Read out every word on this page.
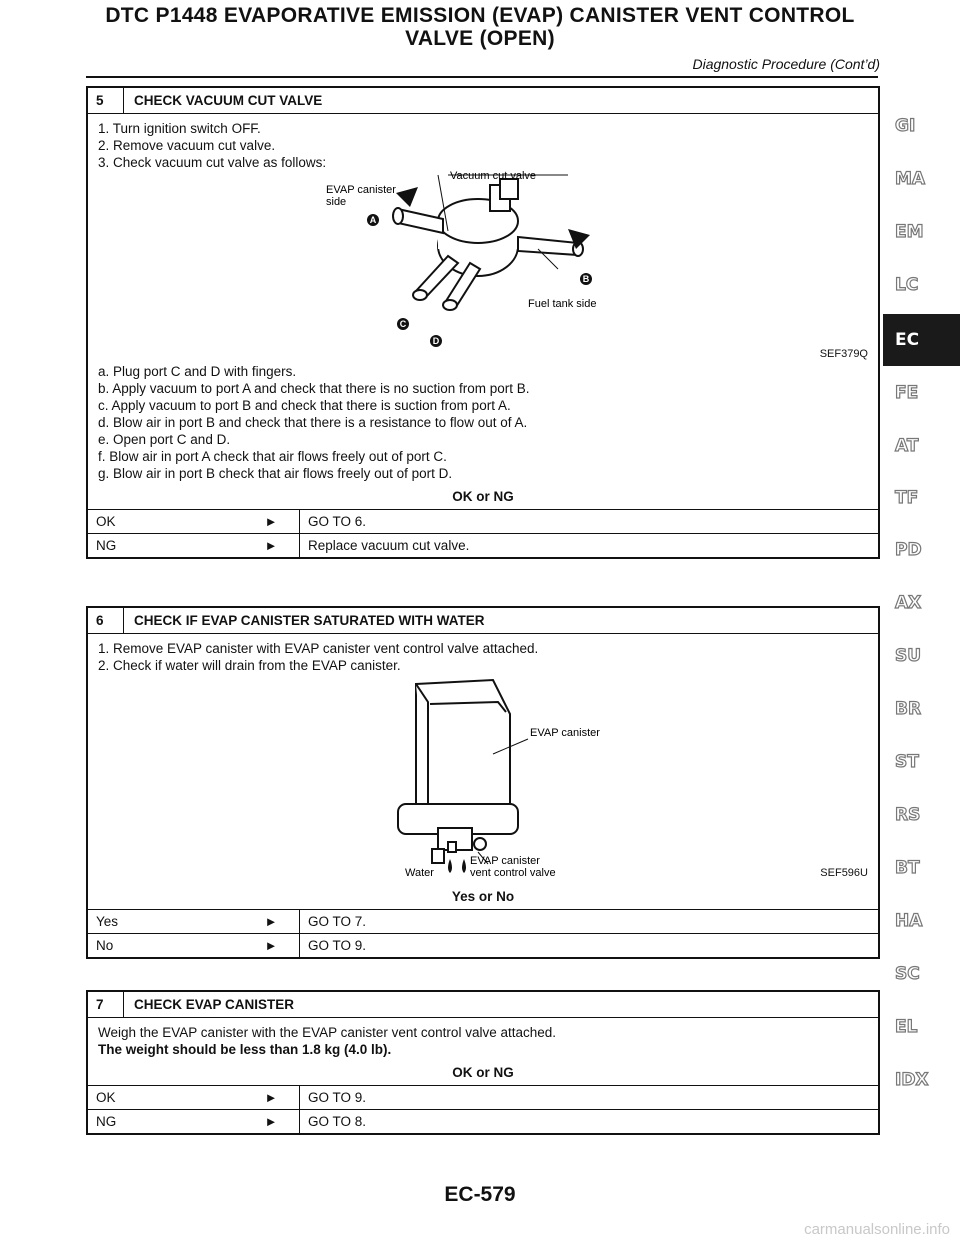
DTC P1448 EVAPORATIVE EMISSION (EVAP) CANISTER VENT CONTROL
VALVE (OPEN)
Diagnostic Procedure (Cont’d)
5	CHECK VACUUM CUT VALVE
1. Turn ignition switch OFF.
2. Remove vacuum cut valve.
3. Check vacuum cut valve as follows:
EVAP canister
side
Vacuum cut valve
Fuel tank side
A
B
C
D
SEF379Q
a. Plug port C and D with fingers.
b. Apply vacuum to port A and check that there is no suction from port B.
c. Apply vacuum to port B and check that there is suction from port A.
d. Blow air in port B and check that there is a resistance to flow out of A.
e. Open port C and D.
f. Blow air in port A check that air flows freely out of port C.
g. Blow air in port B check that air flows freely out of port D.
OK or NG
OK	►	GO TO 6.
NG	►	Replace vacuum cut valve.
6	CHECK IF EVAP CANISTER SATURATED WITH WATER
1. Remove EVAP canister with EVAP canister vent control valve attached.
2. Check if water will drain from the EVAP canister.
EVAP canister
Water
EVAP canister
vent control valve	SEF596U
Yes or No
Yes	►	GO TO 7.
No	►	GO TO 9.
7	CHECK EVAP CANISTER
Weigh the EVAP canister with the EVAP canister vent control valve attached.
The weight should be less than 1.8 kg (4.0 lb).
OK or NG
OK	►	GO TO 9.
NG	►	GO TO 8.
GI
MA
EM
LC
EC
FE
AT
TF
PD
AX
SU
BR
ST
RS
BT
HA
SC
EL
IDX
EC-579
carmanualsonline.info
